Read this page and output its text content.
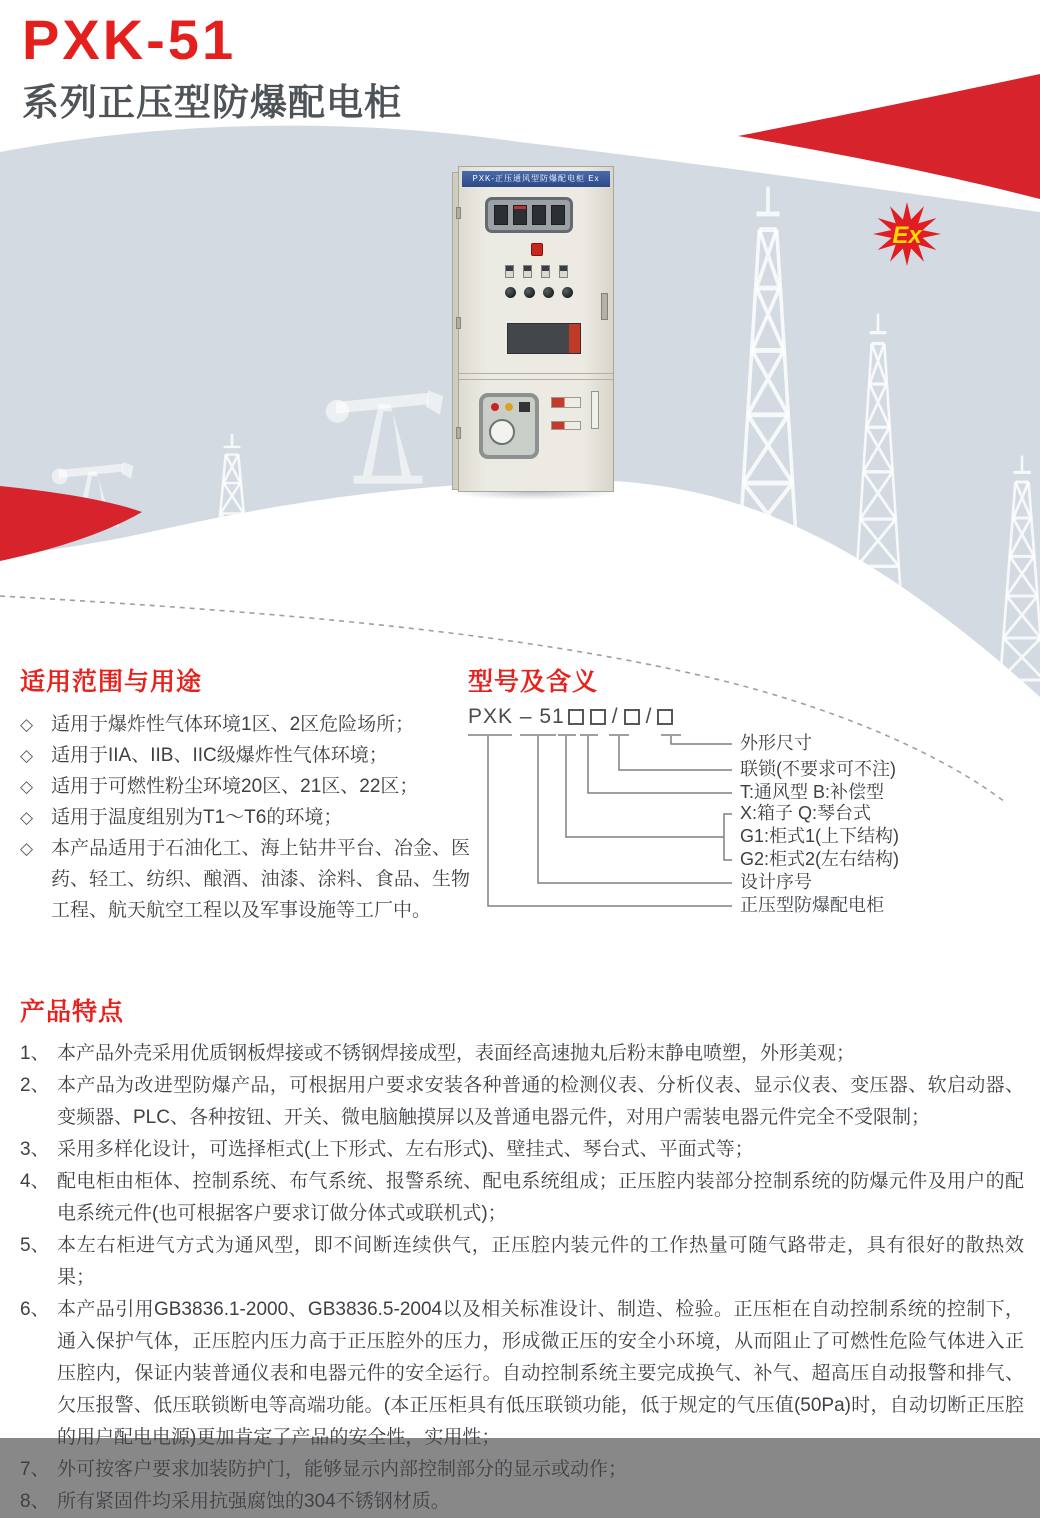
PXK-51
系列正压型防爆配电柜
PXK-正压通风型防爆配电柜 Ex
Ex
适用范围与用途
◇ 适用于爆炸性气体环境1区、2区危险场所；
◇ 适用于IIA、IIB、IIC级爆炸性气体环境；
◇ 适用于可燃性粉尘环境20区、21区、22区；
◇ 适用于温度组别为T1～T6的环境；
◇ 本产品适用于石油化工、海上钻井平台、冶金、医药、轻工、纺织、酿酒、油漆、涂料、食品、生物工程、航天航空工程以及军事设施等工厂中。
型号及含义
PXK – 51 / /
外形尺寸
联锁(不要求可不注)
T:通风型 B:补偿型
X:箱子 Q:琴台式
G1:柜式1(上下结构)
G2:柜式2(左右结构)
设计序号
正压型防爆配电柜
产品特点
1、 本产品外壳采用优质钢板焊接或不锈钢焊接成型，表面经高速抛丸后粉末静电喷塑，外形美观；
2、 本产品为改进型防爆产品，可根据用户要求安装各种普通的检测仪表、分析仪表、显示仪表、变压器、软启动器、变频器、PLC、各种按钮、开关、微电脑触摸屏以及普通电器元件，对用户需装电器元件完全不受限制；
3、 采用多样化设计，可选择柜式(上下形式、左右形式)、壁挂式、琴台式、平面式等；
4、 配电柜由柜体、控制系统、布气系统、报警系统、配电系统组成；正压腔内装部分控制系统的防爆元件及用户的配电系统元件(也可根据客户要求订做分体式或联机式)；
5、 本左右柜进气方式为通风型，即不间断连续供气，正压腔内装元件的工作热量可随气路带走，具有很好的散热效果；
6、 本产品引用GB3836.1-2000、GB3836.5-2004以及相关标准设计、制造、检验。正压柜在自动控制系统的控制下，通入保护气体，正压腔内压力高于正压腔外的压力，形成微正压的安全小环境，从而阻止了可燃性危险气体进入正压腔内，保证内装普通仪表和电器元件的安全运行。自动控制系统主要完成换气、补气、超高压自动报警和排气、欠压报警、低压联锁断电等高端功能。(本正压柜具有低压联锁功能，低于规定的气压值(50Pa)时，自动切断正压腔的用户配电电源)更加肯定了产品的安全性，实用性；
7、 外可按客户要求加装防护门，能够显示内部控制部分的显示或动作；
8、 所有紧固件均采用抗强腐蚀的304不锈钢材质。
